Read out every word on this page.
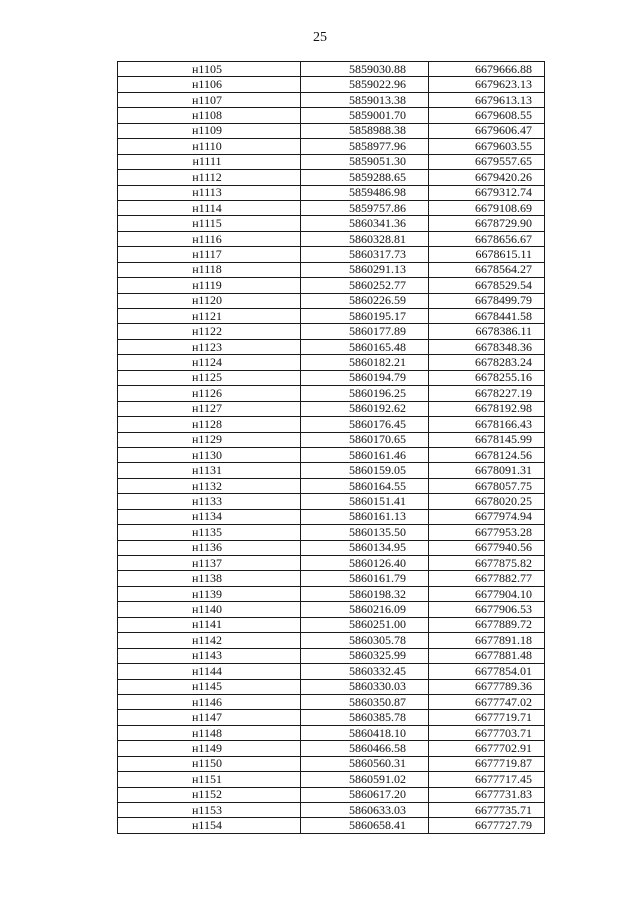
25
н1105	5859030.88	6679666.88
н1106	5859022.96	6679623.13
н1107	5859013.38	6679613.13
н1108	5859001.70	6679608.55
н1109	5858988.38	6679606.47
н1110	5858977.96	6679603.55
н1111	5859051.30	6679557.65
н1112	5859288.65	6679420.26
н1113	5859486.98	6679312.74
н1114	5859757.86	6679108.69
н1115	5860341.36	6678729.90
н1116	5860328.81	6678656.67
н1117	5860317.73	6678615.11
н1118	5860291.13	6678564.27
н1119	5860252.77	6678529.54
н1120	5860226.59	6678499.79
н1121	5860195.17	6678441.58
н1122	5860177.89	6678386.11
н1123	5860165.48	6678348.36
н1124	5860182.21	6678283.24
н1125	5860194.79	6678255.16
н1126	5860196.25	6678227.19
н1127	5860192.62	6678192.98
н1128	5860176.45	6678166.43
н1129	5860170.65	6678145.99
н1130	5860161.46	6678124.56
н1131	5860159.05	6678091.31
н1132	5860164.55	6678057.75
н1133	5860151.41	6678020.25
н1134	5860161.13	6677974.94
н1135	5860135.50	6677953.28
н1136	5860134.95	6677940.56
н1137	5860126.40	6677875.82
н1138	5860161.79	6677882.77
н1139	5860198.32	6677904.10
н1140	5860216.09	6677906.53
н1141	5860251.00	6677889.72
н1142	5860305.78	6677891.18
н1143	5860325.99	6677881.48
н1144	5860332.45	6677854.01
н1145	5860330.03	6677789.36
н1146	5860350.87	6677747.02
н1147	5860385.78	6677719.71
н1148	5860418.10	6677703.71
н1149	5860466.58	6677702.91
н1150	5860560.31	6677719.87
н1151	5860591.02	6677717.45
н1152	5860617.20	6677731.83
н1153	5860633.03	6677735.71
н1154	5860658.41	6677727.79
